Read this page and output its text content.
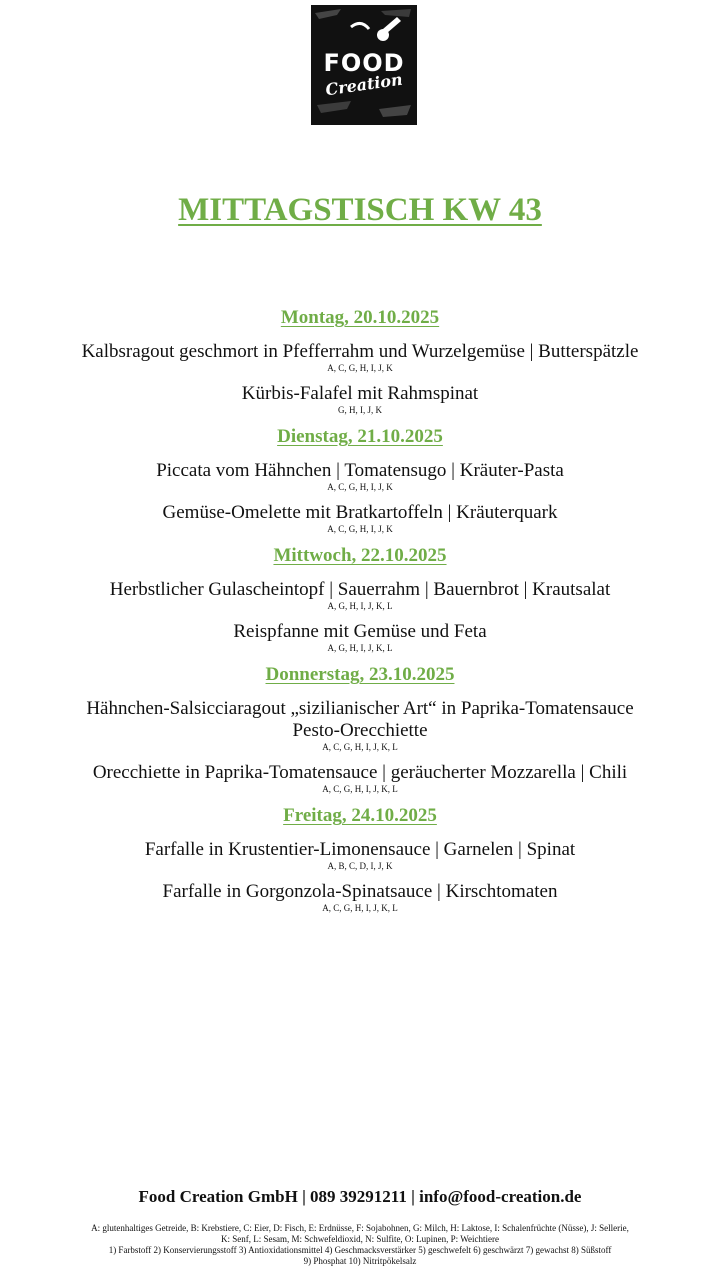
FOOD
Creation
MITTAGSTISCH KW 43
Montag, 20.10.2025
Kalbsragout geschmort in Pfefferrahm und Wurzelgemüse | Butterspätzle
A, C, G, H, I, J, K
Kürbis-Falafel mit Rahmspinat
G, H, I, J, K
Dienstag, 21.10.2025
Piccata vom Hähnchen | Tomatensugo | Kräuter-Pasta
A, C, G, H, I, J, K
Gemüse-Omelette mit Bratkartoffeln | Kräuterquark
A, C, G, H, I, J, K
Mittwoch, 22.10.2025
Herbstlicher Gulascheintopf | Sauerrahm | Bauernbrot | Krautsalat
A, G, H, I, J, K, L
Reispfanne mit Gemüse und Feta
A, G, H, I, J, K, L
Donnerstag, 23.10.2025
Hähnchen-Salsicciaragout „sizilianischer Art“ in Paprika-Tomatensauce
Pesto-Orecchiette
A, C, G, H, I, J, K, L
Orecchiette in Paprika-Tomatensauce | geräucherter Mozzarella | Chili
A, C, G, H, I, J, K, L
Freitag, 24.10.2025
Farfalle in Krustentier-Limonensauce | Garnelen | Spinat
A, B, C, D, I, J, K
Farfalle in Gorgonzola-Spinatsauce | Kirschtomaten
A, C, G, H, I, J, K, L
Food Creation GmbH | 089 39291211 | info@food-creation.de
A: glutenhaltiges Getreide, B: Krebstiere, C: Eier, D: Fisch, E: Erdnüsse, F: Sojabohnen, G: Milch, H: Laktose, I: Schalenfrüchte (Nüsse), J: Sellerie,
K: Senf, L: Sesam, M: Schwefeldioxid, N: Sulfite, O: Lupinen, P: Weichtiere
1) Farbstoff 2) Konservierungsstoff 3) Antioxidationsmittel 4) Geschmacksverstärker 5) geschwefelt 6) geschwärzt 7) gewachst 8) Süßstoff
9) Phosphat 10) Nitritpökelsalz
